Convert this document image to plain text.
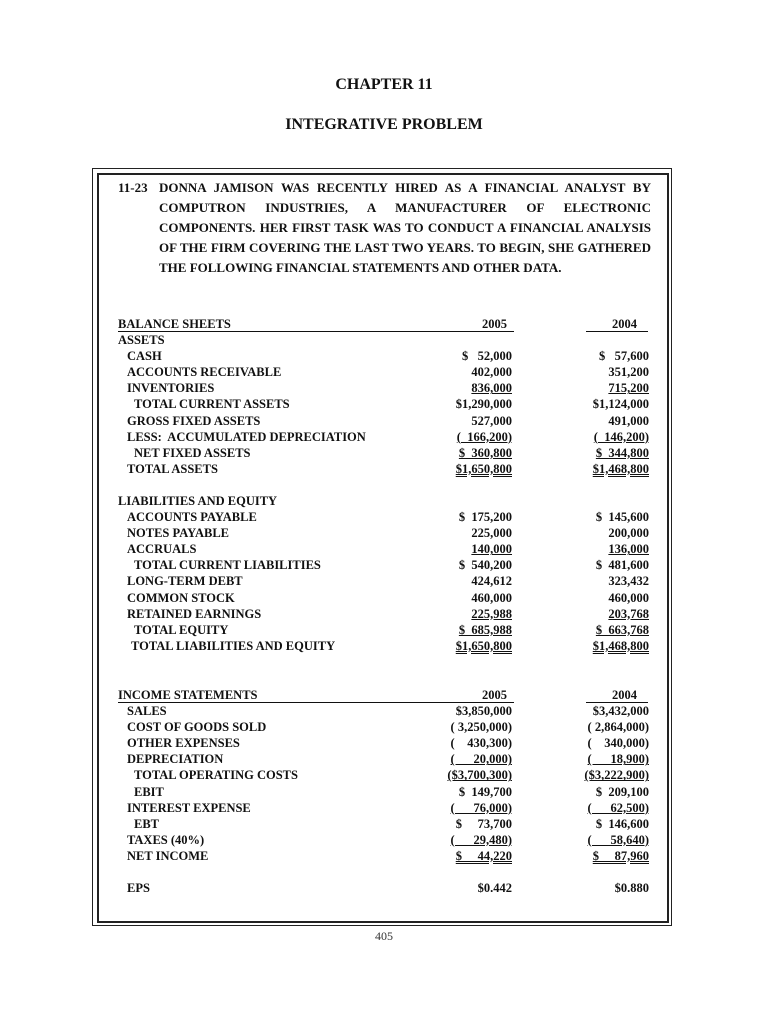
CHAPTER 11
INTEGRATIVE PROBLEM
11-23 DONNA JAMISON WAS RECENTLY HIRED AS A FINANCIAL ANALYST BY COMPUTRON INDUSTRIES, A MANUFACTURER OF ELECTRONIC COMPONENTS. HER FIRST TASK WAS TO CONDUCT A FINANCIAL ANALYSIS OF THE FIRM COVERING THE LAST TWO YEARS. TO BEGIN, SHE GATHERED THE FOLLOWING FINANCIAL STATEMENTS AND OTHER DATA.
BALANCE SHEETS	2005	2004
ASSETS
CASH	$   52,000	$   57,600
ACCOUNTS RECEIVABLE	402,000	351,200
INVENTORIES	836,000	715,200
TOTAL CURRENT ASSETS	$1,290,000	$1,124,000
GROSS FIXED ASSETS	527,000	491,000
LESS:  ACCUMULATED DEPRECIATION	(  166,200)	(  146,200)
NET FIXED ASSETS	$  360,800	$  344,800
TOTAL ASSETS	$1,650,800	$1,468,800
LIABILITIES AND EQUITY
ACCOUNTS PAYABLE	$  175,200	$  145,600
NOTES PAYABLE	225,000	200,000
ACCRUALS	140,000	136,000
TOTAL CURRENT LIABILITIES	$  540,200	$  481,600
LONG-TERM DEBT	424,612	323,432
COMMON STOCK	460,000	460,000
RETAINED EARNINGS	225,988	203,768
TOTAL EQUITY	$  685,988	$  663,768
TOTAL LIABILITIES AND EQUITY	$1,650,800	$1,468,800
INCOME STATEMENTS	2005	2004
SALES	$3,850,000	$3,432,000
COST OF GOODS SOLD	( 3,250,000)	( 2,864,000)
OTHER EXPENSES	(    430,300)	(    340,000)
DEPRECIATION	(      20,000)	(      18,900)
TOTAL OPERATING COSTS	($3,700,300)	($3,222,900)
EBIT	$  149,700	$  209,100
INTEREST EXPENSE	(      76,000)	(      62,500)
EBT	$     73,700	$  146,600
TAXES (40%)	(      29,480)	(      58,640)
NET INCOME	$     44,220	$     87,960
EPS	$0.442	$0.880
405
